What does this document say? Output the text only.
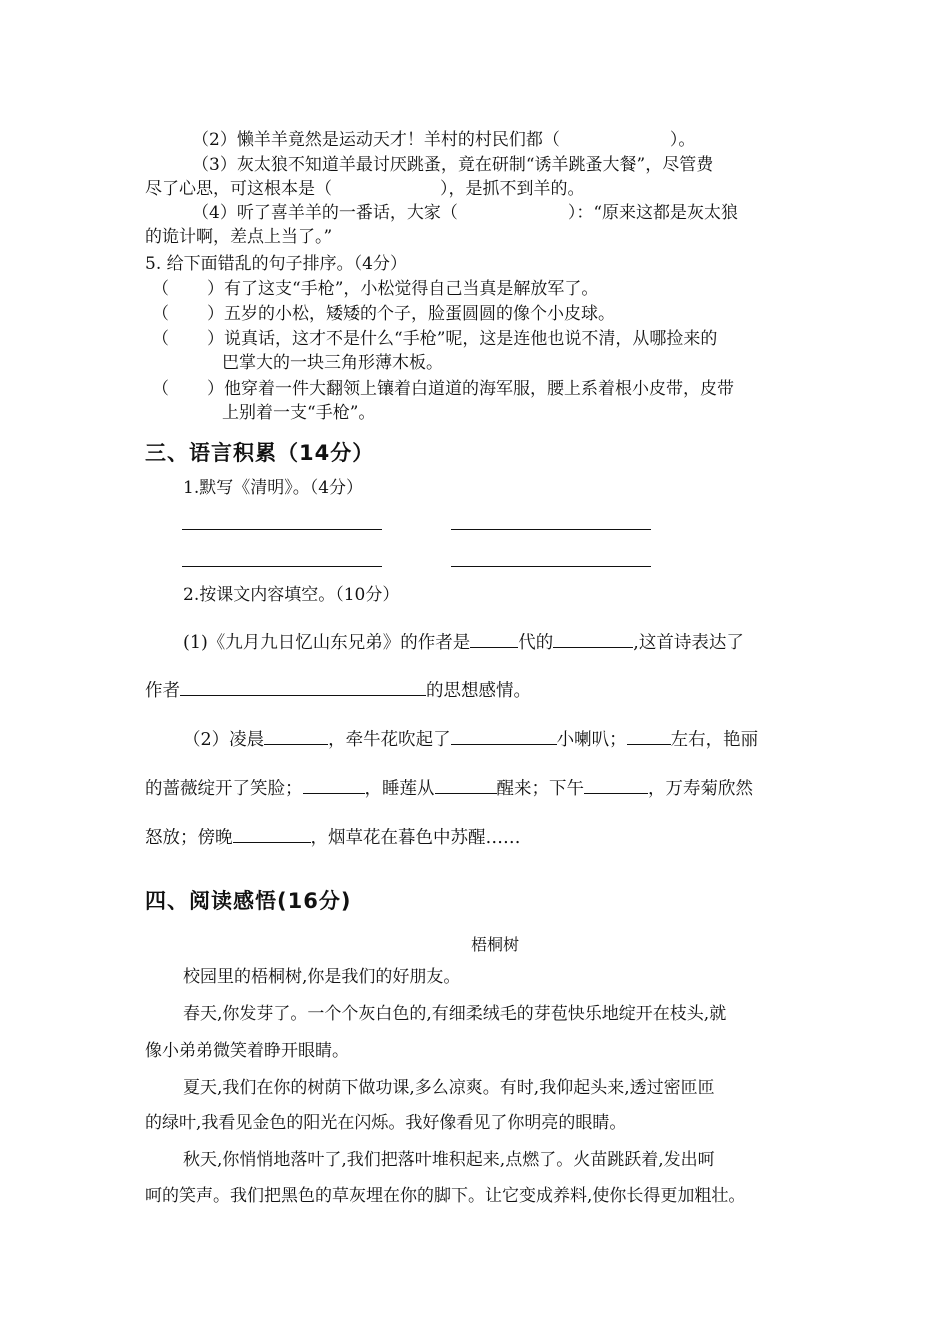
（2）懒羊羊竟然是运动天才！羊村的村民们都（	）。
（3）灰太狼不知道羊最讨厌跳蚤，竟在研制“诱羊跳蚤大餐”，尽管费
尽了心思，可这根本是（	），是抓不到羊的。
（4）听了喜羊羊的一番话，大家（	）：“原来这都是灰太狼
的诡计啊，差点上当了。”
5. 给下面错乱的句子排序。（4分）
（ ）有了这支“手枪”，小松觉得自己当真是解放军了。
（ ）五岁的小松，矮矮的个子，脸蛋圆圆的像个小皮球。
（ ）说真话，这才不是什么“手枪”呢，这是连他也说不清，从哪捡来的
巴掌大的一块三角形薄木板。
（ ）他穿着一件大翻领上镶着白道道的海军服，腰上系着根小皮带，皮带
上别着一支“手枪”。
三、语言积累（14分）
1.默写《清明》。（4分）
2.按课文内容填空。（10分）
(1)《九月九日忆山东兄弟》的作者是	代的	,这首诗表达了
作者	的思想感情。
（2）凌晨	，牵牛花吹起了	小喇叭；	左右，艳丽
的蔷薇绽开了笑脸；	，睡莲从	醒来；下午	，万寿菊欣然
怒放；傍晚	，烟草花在暮色中苏醒……
四、阅读感悟(16分)
梧桐树
校园里的梧桐树,你是我们的好朋友。
春天,你发芽了。一个个灰白色的,有细柔绒毛的芽苞快乐地绽开在枝头,就
像小弟弟微笑着睁开眼睛。
夏天,我们在你的树荫下做功课,多么凉爽。有时,我仰起头来,透过密匝匝
的绿叶,我看见金色的阳光在闪烁。我好像看见了你明亮的眼睛。
秋天,你悄悄地落叶了,我们把落叶堆积起来,点燃了。火苗跳跃着,发出呵
呵的笑声。我们把黑色的草灰埋在你的脚下。让它变成养料,使你长得更加粗壮。
